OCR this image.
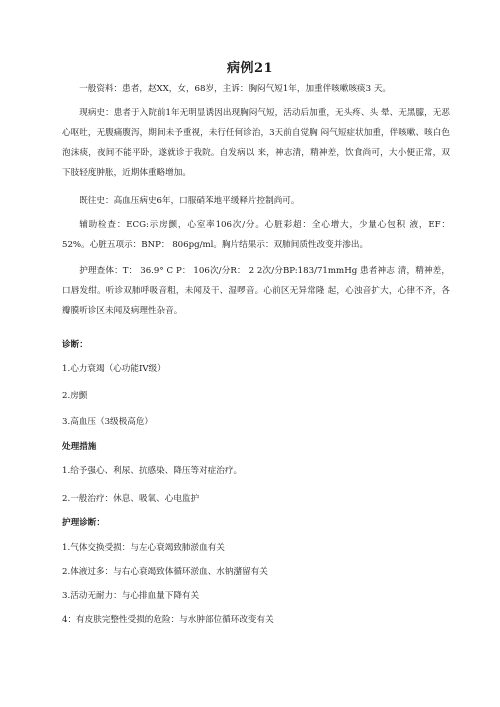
病例21
一般资料：患者，赵XX，女，68岁，主诉：胸闷气短1年，加重伴咳嗽咳痰3 天。
现病史：患者于入院前1年无明显诱因出现胸闷气短，活动后加重，无头疼、头 晕、无黑朦，无恶心呕吐，无腹痛腹泻，期间未予重视，未行任何诊治，3天前自觉胸 闷气短症状加重，伴咳嗽、咳白色泡沫痰，夜间不能平卧，遂就诊于我院。自发病以 来，神志清，精神差，饮食尚可，大小便正常，双下肢轻度肿胀，近期体重略增加。
既往史：高血压病史6年，口服硝苯地平缓释片控制尚可。
辅助检查：ECG:示房颤，心室率106次/分。心脏彩超：全心增大，少量心包积 液，EF： 52%。心脏五项示：BNP： 806pg/ml。胸片结果示：双肺间质性改变并渗出。
护理查体：T： 36.9° C P： 106次/分R： 2 2次/分BP:183/71mmHg 患者神志 清，精神差，口唇发绀。听诊双肺呼吸音粗，未闻及干、湿啰音。心前区无异常隆 起，心浊音扩大，心律不齐，各瓣膜听诊区未闻及病理性杂音。
诊断：
1.心力衰竭（心功能IV级）
2.房颤
3.高血压（3级极高危）
处理措施
1.给予强心、利尿、抗感染、降压等对症治疗。
2.一般治疗：休息、吸氧、心电监护
护理诊断：
1.气体交换受损：与左心衰竭致肺淤血有关
2.体液过多：与右心衰竭致体循环淤血、水钠潴留有关
3.活动无耐力：与心排血量下降有关
4：有皮肤完整性受损的危险：与水肿部位循环改变有关
